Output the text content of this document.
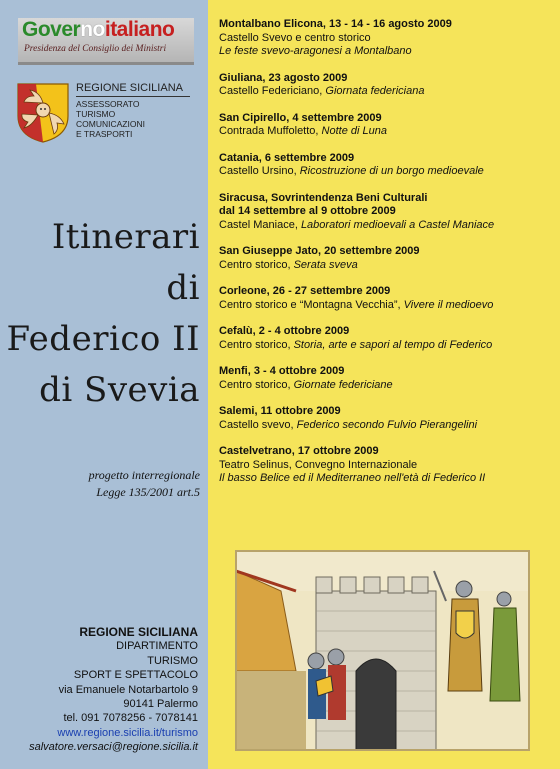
Governoitaliano
Presidenza del Consiglio dei Ministri
REGIONE SICILIANA
ASSESSORATO
TURISMO
COMUNICAZIONI
E TRASPORTI
Itinerari
di
Federico II
di Svevia
progetto interregionale
Legge 135/2001 art.5
REGIONE SICILIANA
DIPARTIMENTO
TURISMO
SPORT E SPETTACOLO
via Emanuele Notarbartolo 9
90141 Palermo
tel. 091 7078256 - 7078141
www.regione.sicilia.it/turismo
salvatore.versaci@regione.sicilia.it
Montalbano Elicona, 13 - 14 - 16 agosto 2009
Castello Svevo e centro storico
Le feste svevo-aragonesi a Montalbano
Giuliana, 23 agosto 2009
Castello Federiciano, Giornata federiciana
San Cipirello, 4 settembre 2009
Contrada Muffoletto, Notte di Luna
Catania, 6 settembre 2009
Castello Ursino, Ricostruzione di un borgo medioevale
Siracusa, Sovrintendenza Beni Culturali
dal 14 settembre al 9 ottobre 2009
Castel Maniace, Laboratori medioevali a Castel Maniace
San Giuseppe Jato, 20 settembre 2009
Centro storico, Serata sveva
Corleone, 26 - 27 settembre 2009
Centro storico e “Montagna Vecchia”, Vivere il medioevo
Cefalù, 2 - 4 ottobre 2009
Centro storico, Storia, arte e sapori al tempo di Federico
Menfi, 3 - 4 ottobre 2009
Centro storico, Giornate federiciane
Salemi, 11 ottobre 2009
Castello svevo, Federico secondo Fulvio Pierangelini
Castelvetrano, 17 ottobre 2009
Teatro Selinus, Convegno Internazionale
Il basso Belice ed il Mediterraneo nell'età di Federico II
